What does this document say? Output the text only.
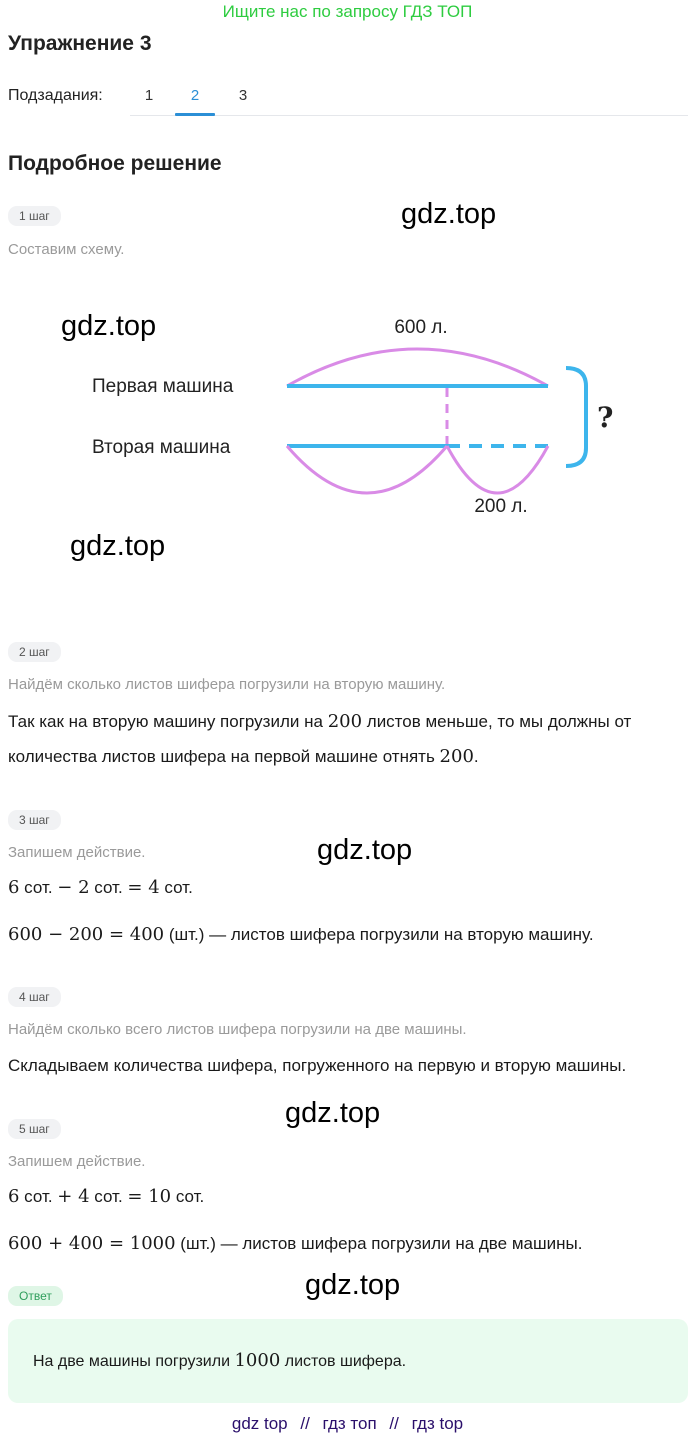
Ищите нас по запросу ГДЗ ТОП
Упражнение 3
Подзадания:	1	2	3
Подробное решение
1 шаг
Составим схему.
gdz.top
gdz.top
gdz.top
gdz.top
gdz.top
gdz.top
600 л.
Первая машина
Вторая машина
200 л.
?
2 шаг
Найдём сколько листов шифера погрузили на вторую машину.
Так как на вторую машину погрузили на 200 листов меньше, то мы должны от
количества листов шифера на первой машине отнять 200.
3 шаг
Запишем действие.
6 сот. − 2 сот. = 4 сот.
600 − 200 = 400 (шт.) — листов шифера погрузили на вторую машину.
4 шаг
Найдём сколько всего листов шифера погрузили на две машины.
Складываем количества шифера, погруженного на первую и вторую машины.
5 шаг
Запишем действие.
6 сот. + 4 сот. = 10 сот.
600 + 400 = 1000 (шт.) — листов шифера погрузили на две машины.
Ответ
На две машины погрузили 1000 листов шифера.
gdz top // гдз топ // гдз top
